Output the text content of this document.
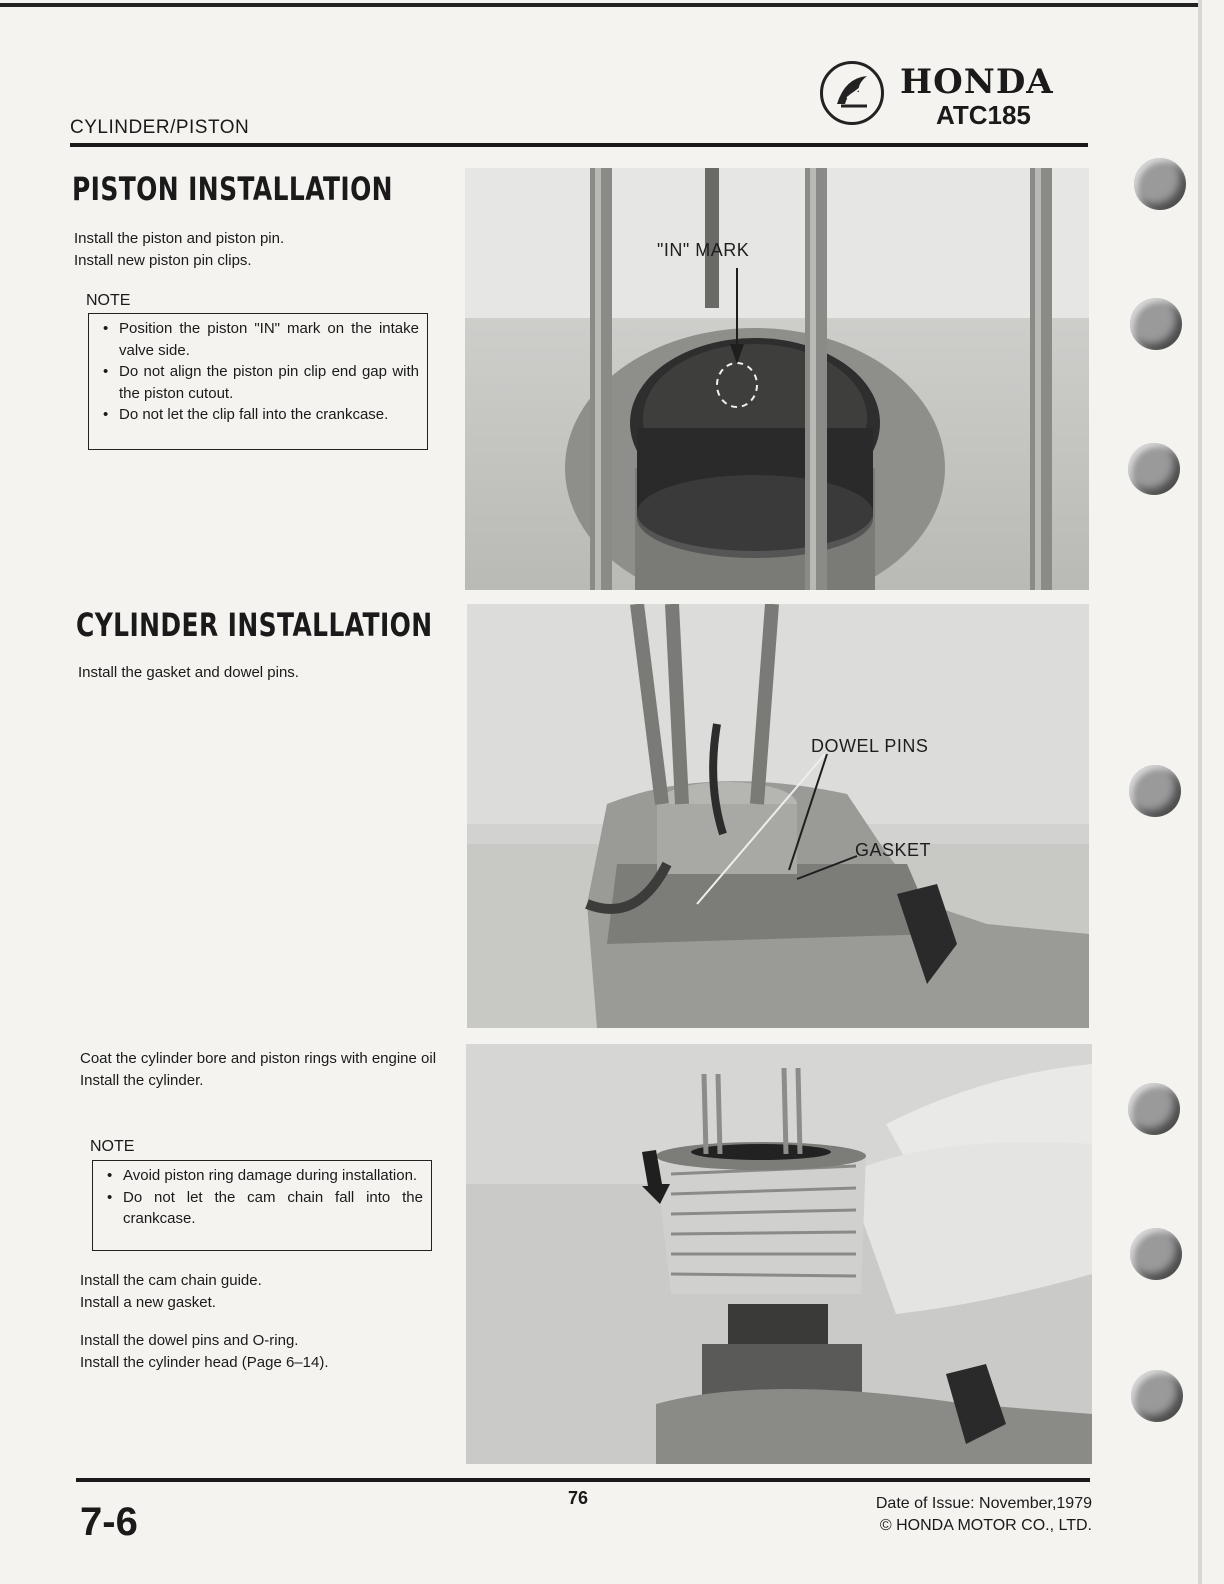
CYLINDER/PISTON
HONDA
ATC185
PISTON INSTALLATION
Install the piston and piston pin.
Install new piston pin clips.
NOTE
• Position the piston "IN" mark on the intake valve side.
• Do not align the piston pin clip end gap with the piston cutout.
• Do not let the clip fall into the crankcase.
CYLINDER INSTALLATION
Install the gasket and dowel pins.
Coat the cylinder bore and piston rings with engine oil
Install the cylinder.
NOTE
• Avoid piston ring damage during installation.
• Do not let the cam chain fall into the crankcase.
Install the cam chain guide.
Install a new gasket.
Install the dowel pins and O-ring.
Install the cylinder head (Page 6–14).
"IN" MARK
DOWEL PINS
GASKET
7-6
76	Date of Issue: November,1979
© HONDA MOTOR CO., LTD.
